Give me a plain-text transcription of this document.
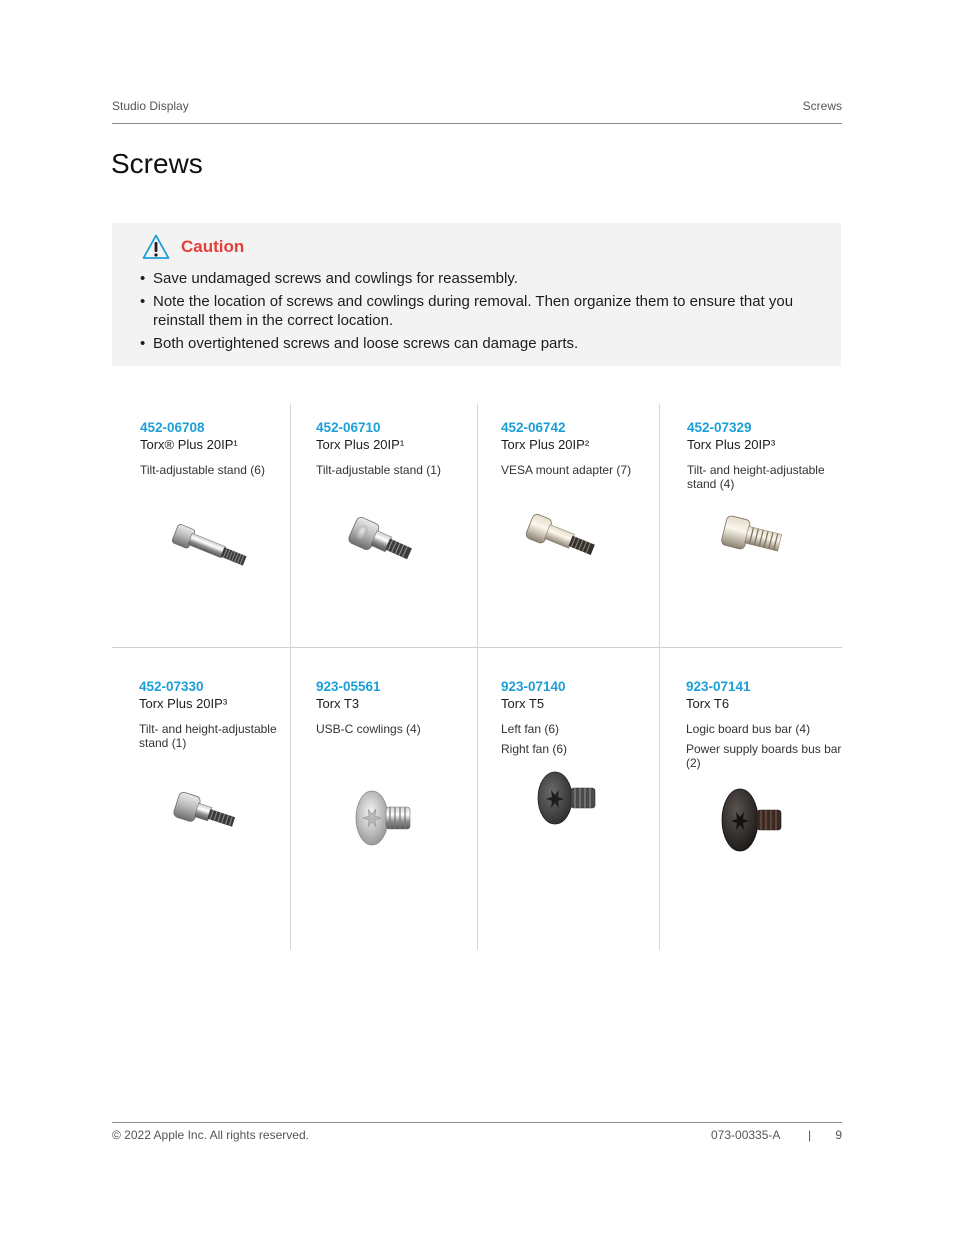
Studio Display	Screws
Screws
Caution
• Save undamaged screws and cowlings for reassembly.
• Note the location of screws and cowlings during removal. Then organize them to ensure that you reinstall them in the correct location.
• Both overtightened screws and loose screws can damage parts.
452-06708
Torx® Plus 20IP¹
Tilt-adjustable stand (6)
452-06710
Torx Plus 20IP¹
Tilt-adjustable stand (1)
452-06742
Torx Plus 20IP²
VESA mount adapter (7)
452-07329
Torx Plus 20IP³
Tilt- and height-adjustable stand (4)
452-07330
Torx Plus 20IP³
Tilt- and height-adjustable stand (1)
923-05561
Torx T3
USB-C cowlings (4)
923-07140
Torx T5
Left fan (6)
Right fan (6)
923-07141
Torx T6
Logic board bus bar (4)
Power supply boards bus bar (2)
© 2022 Apple Inc. All rights reserved.	073-00335-A | 9
